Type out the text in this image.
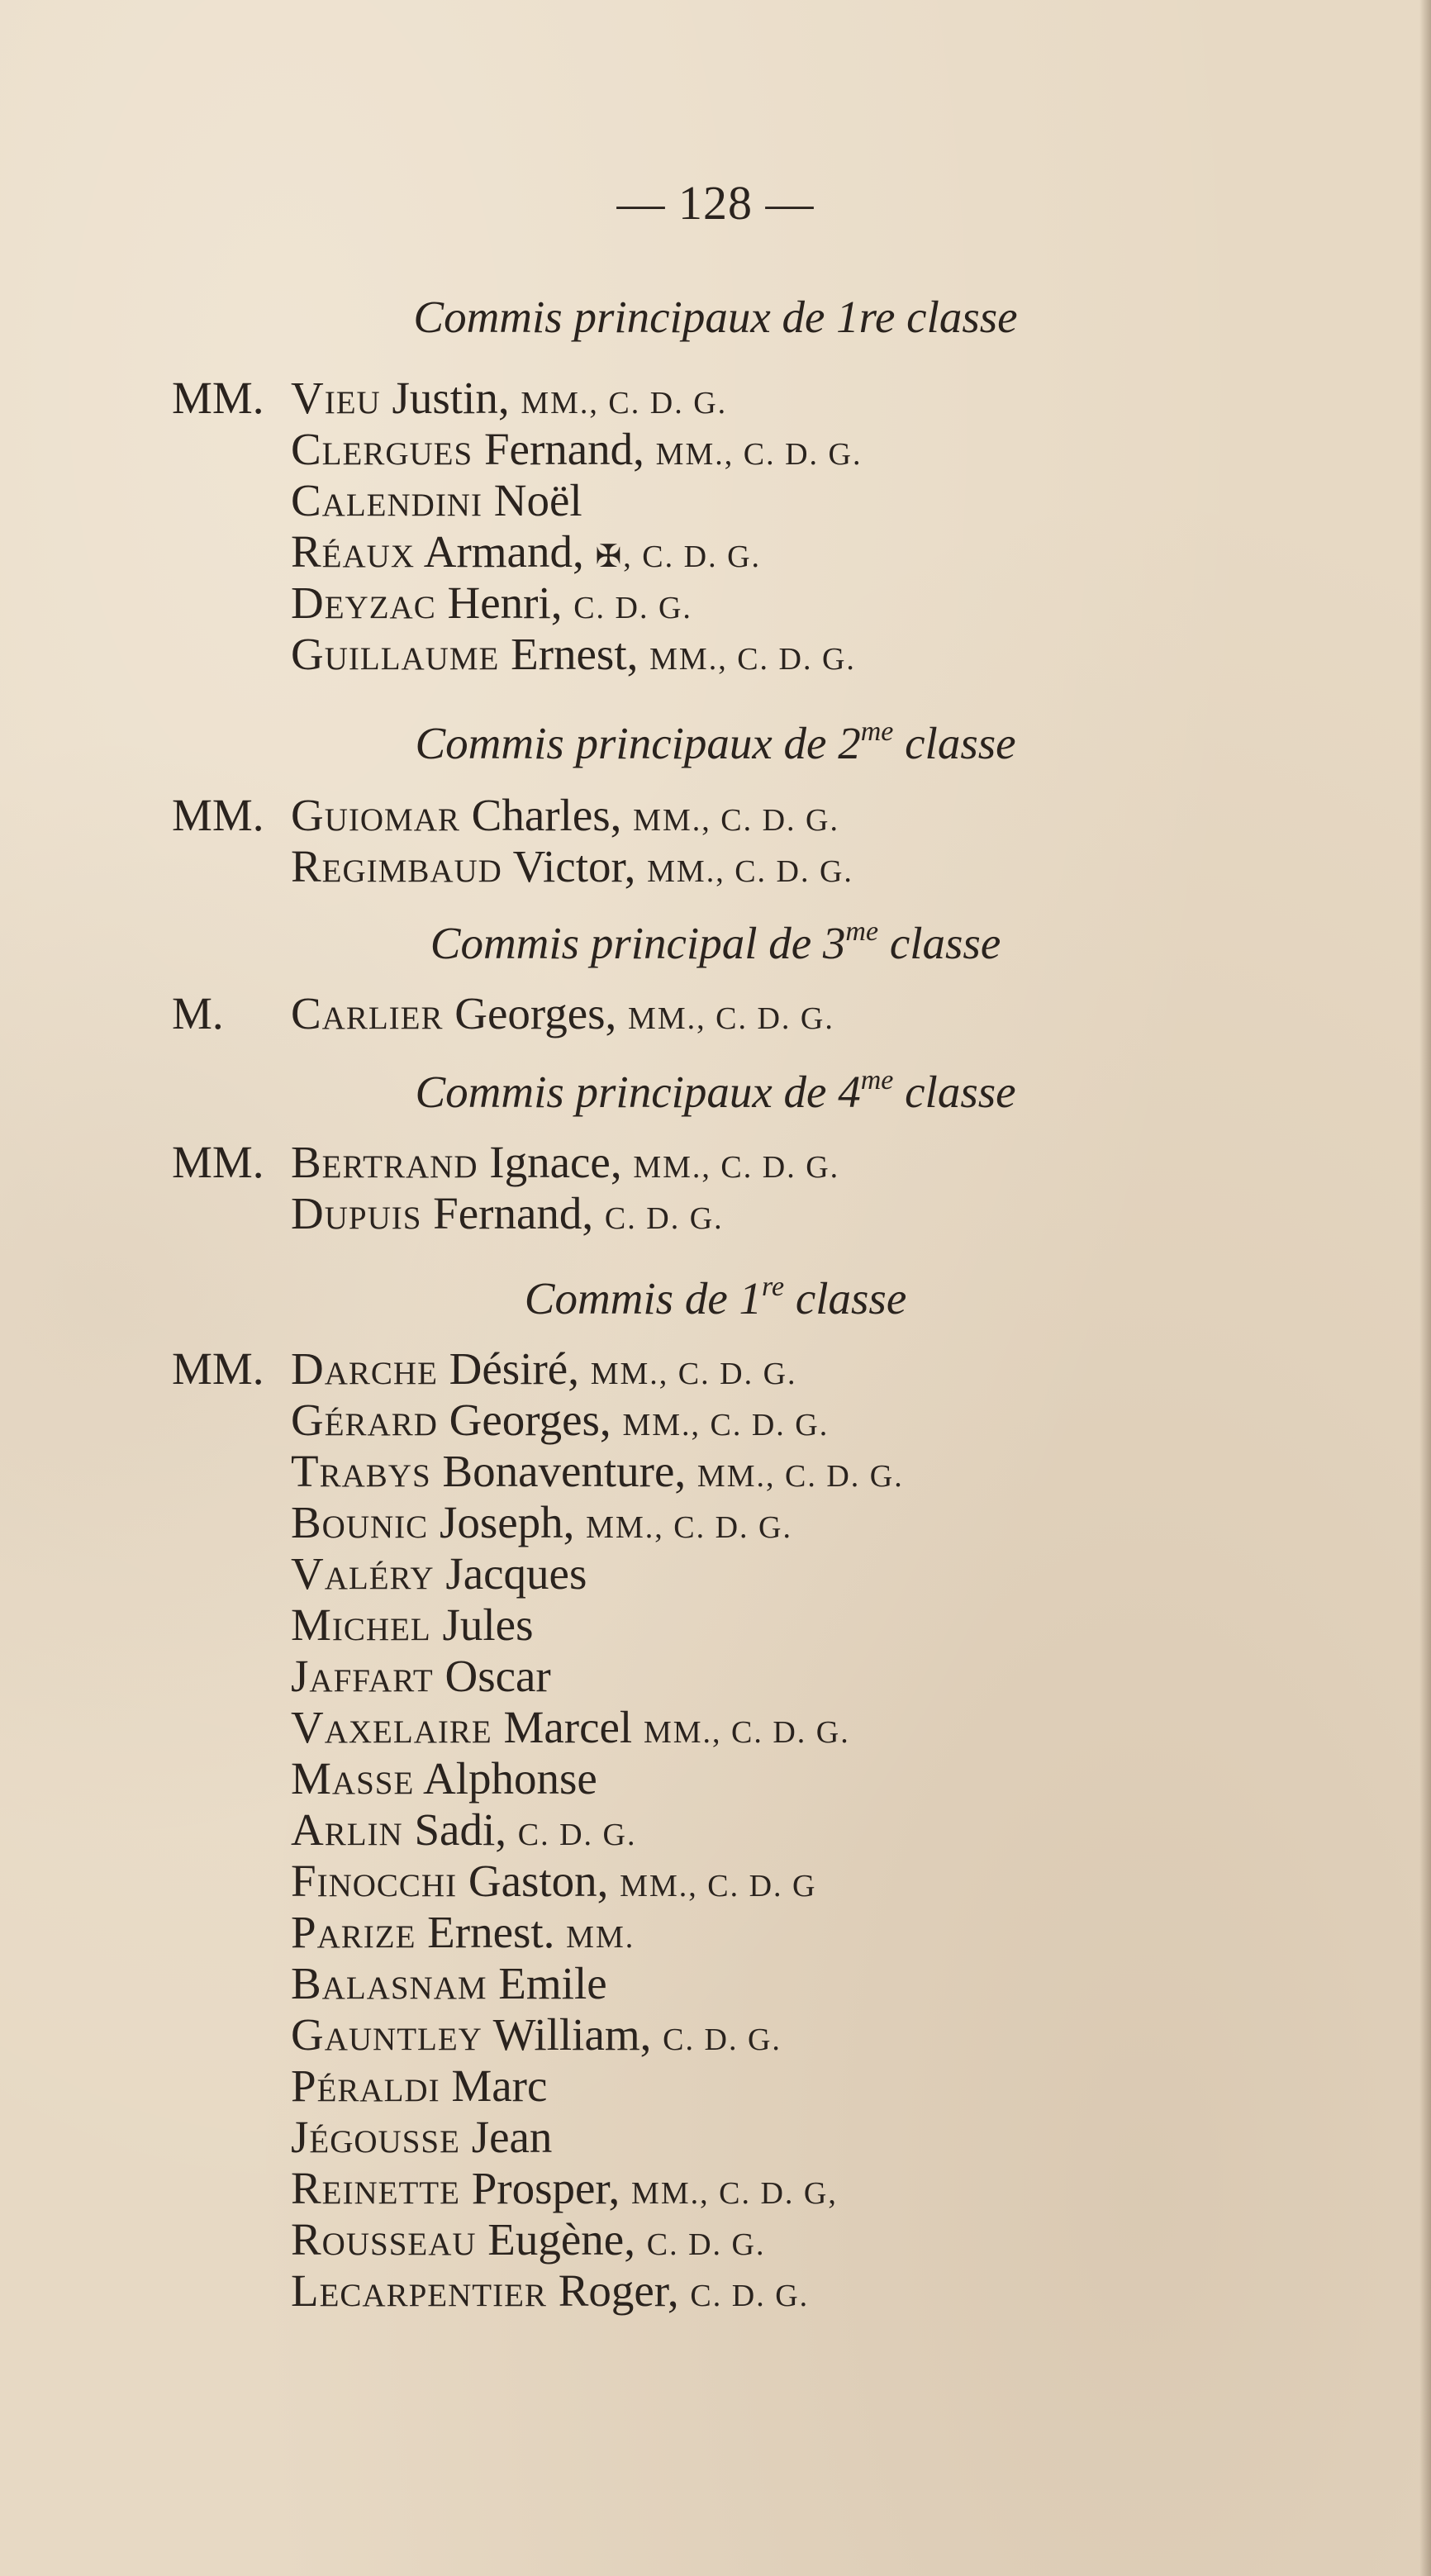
— 128 —
Commis principaux de 1re classe
MM. Vieu Justin, MM., C. D. G.
Clergues Fernand, MM., C. D. G.
Calendini Noël
Réaux Armand, ✠, C. D. G.
Deyzac Henri, C. D. G.
Guillaume Ernest, MM., C. D. G.
Commis principaux de $2^{me}$ classe
MM. Guiomar Charles, MM., C. D. G.
Regimbaud Victor, MM., C. D. G.
Commis principal de $3^{me}$ classe
M. Carlier Georges, MM., C. D. G.
Commis principaux de $4^{me}$ classe
MM. Bertrand Ignace, MM., C. D. G.
Dupuis Fernand, C. D. G.
Commis de 1re classe
MM. Darche Désiré, MM., C. D. G.
Gérard Georges, MM., C. D. G.
Trabys Bonaventure, MM., C. D. G.
Bounic Joseph, MM., C. D. G.
Valéry Jacques
Michel Jules
Jaffart Oscar
Vaxelaire Marcel MM., C. D. G.
Masse Alphonse
Arlin Sadi, C. D. G.
Finocchi Gaston, MM., C. D. G
Parize Ernest. MM.
Balasnam Emile
Gauntley William, C. D. G.
Péraldi Marc
Jégousse Jean
Reinette Prosper, MM., C. D. G,
Rousseau Eugène, C. D. G.
Lecarpentier Roger, C. D. G.
